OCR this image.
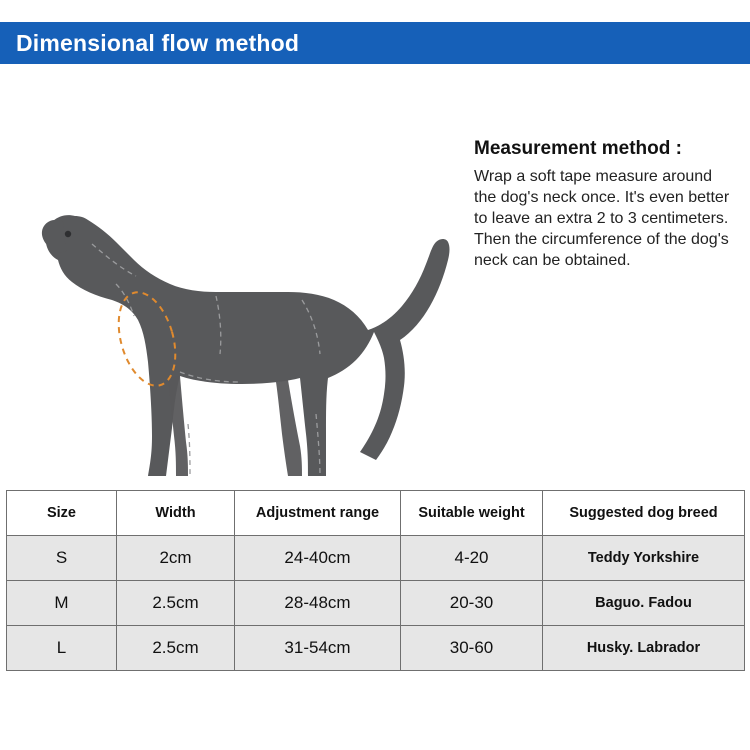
Dimensional flow method
NECK
Measurement method :
Wrap a soft tape measure around the dog's neck once. It's even better to leave an extra 2 to 3 centimeters. Then the circumference of the dog's neck can be obtained.
Size	Width	Adjustment range	Suitable weight	Suggested dog breed
S	2cm	24-40cm	4-20	Teddy Yorkshire
M	2.5cm	28-48cm	20-30	Baguo. Fadou
L	2.5cm	31-54cm	30-60	Husky. Labrador
